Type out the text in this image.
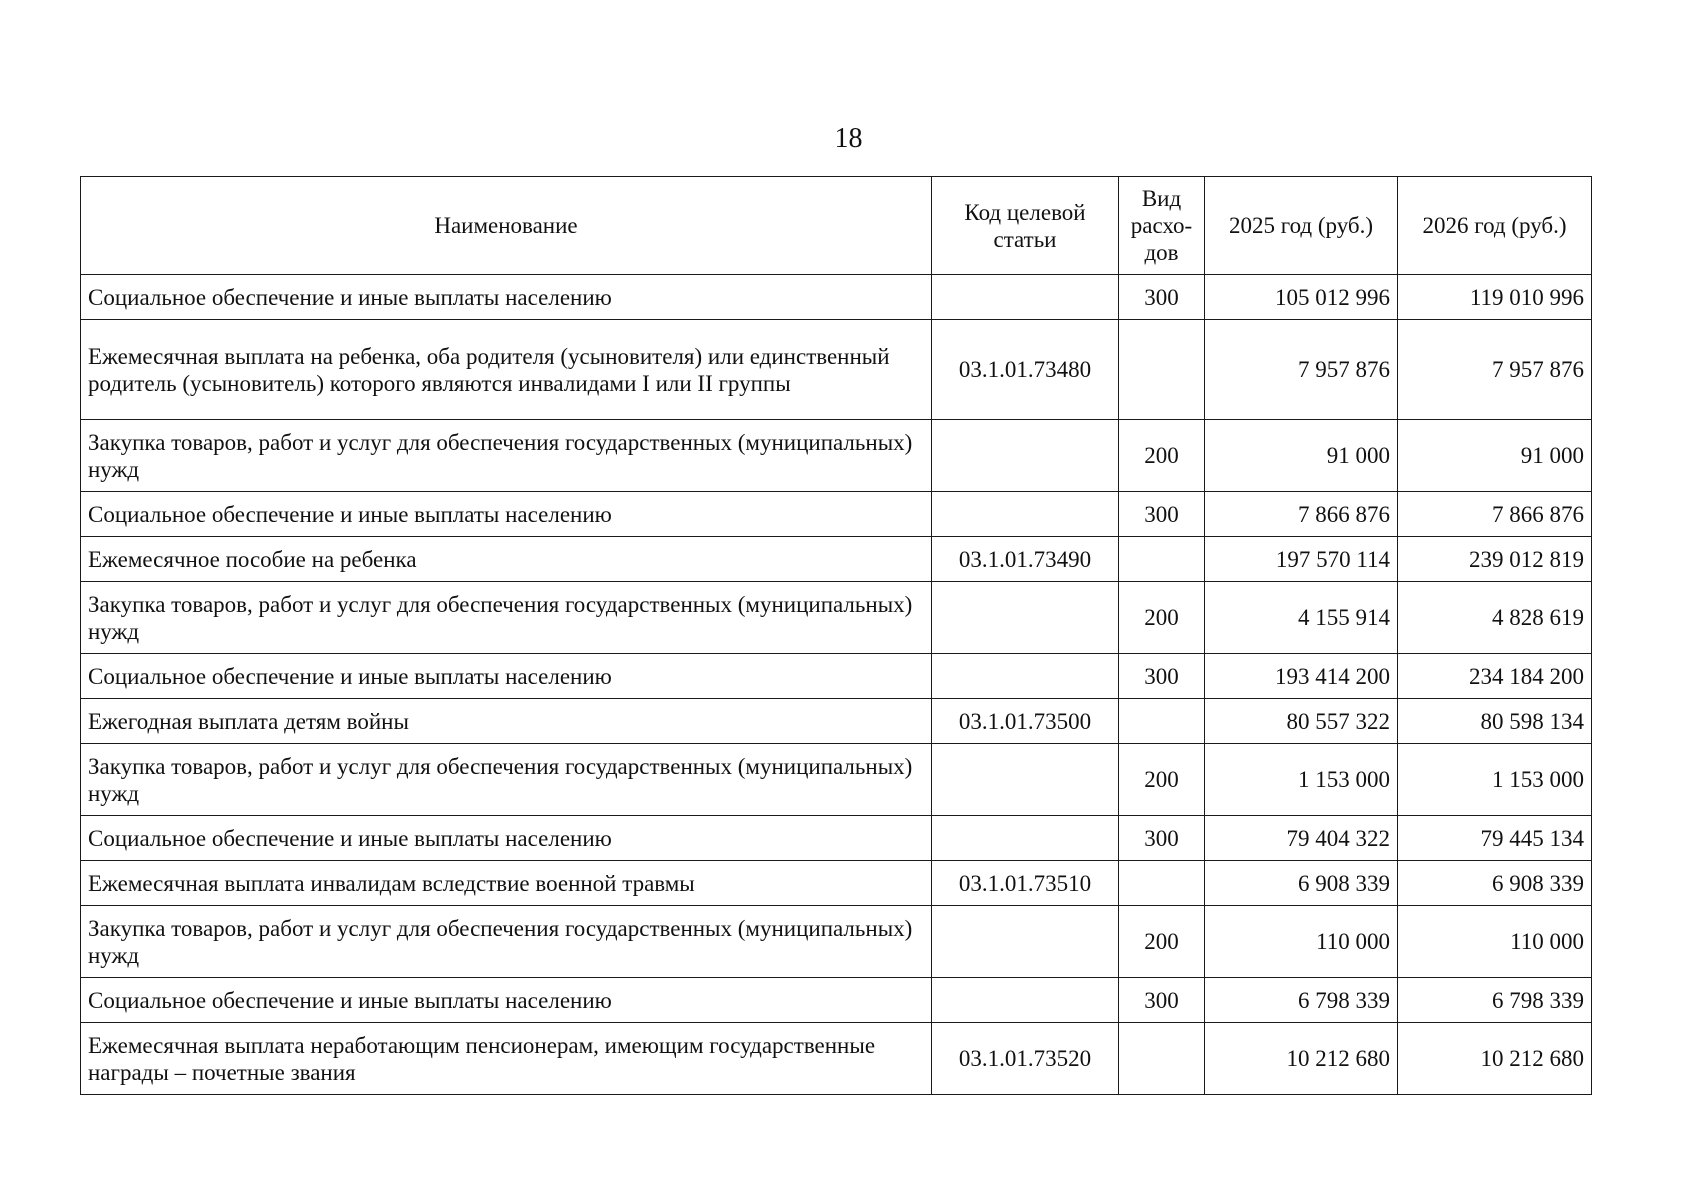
18
Наименование	Код целевой статьи	Вид расхо-дов	2025 год (руб.)	2026 год (руб.)
Социальное обеспечение и иные выплаты населению		300	105 012 996	119 010 996
Ежемесячная выплата на ребенка, оба родителя (усыновителя) или единственный родитель (усыновитель) которого являются инвалидами I или II группы	03.1.01.73480		7 957 876	7 957 876
Закупка товаров, работ и услуг для обеспечения государственных (муниципальных) нужд		200	91 000	91 000
Социальное обеспечение и иные выплаты населению		300	7 866 876	7 866 876
Ежемесячное пособие на ребенка	03.1.01.73490		197 570 114	239 012 819
Закупка товаров, работ и услуг для обеспечения государственных (муниципальных) нужд		200	4 155 914	4 828 619
Социальное обеспечение и иные выплаты населению		300	193 414 200	234 184 200
Ежегодная выплата детям войны	03.1.01.73500		80 557 322	80 598 134
Закупка товаров, работ и услуг для обеспечения государственных (муниципальных) нужд		200	1 153 000	1 153 000
Социальное обеспечение и иные выплаты населению		300	79 404 322	79 445 134
Ежемесячная выплата инвалидам вследствие военной травмы	03.1.01.73510		6 908 339	6 908 339
Закупка товаров, работ и услуг для обеспечения государственных (муниципальных) нужд		200	110 000	110 000
Социальное обеспечение и иные выплаты населению		300	6 798 339	6 798 339
Ежемесячная выплата неработающим пенсионерам, имеющим государственные награды – почетные звания	03.1.01.73520		10 212 680	10 212 680
